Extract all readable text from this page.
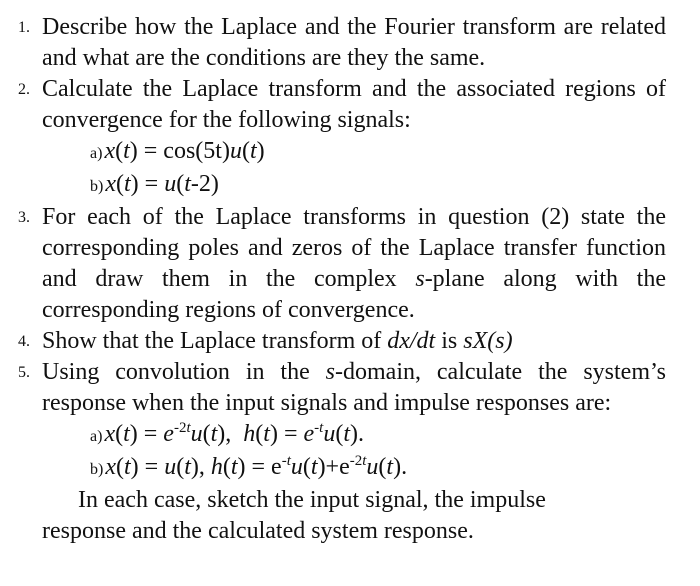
1. Describe how the Laplace and the Fourier transform are related and what are the conditions are they the same.

2. Calculate the Laplace transform and the associated regions of convergence for the following signals:

a)x(t) = cos(5t)u(t)
b)x(t) = u(t-2)

3. For each of the Laplace transforms in question (2) state the corresponding poles and zeros of the Laplace transfer function and draw them in the complex s-plane along with the corresponding regions of convergence.

4. Show that the Laplace transform of dx/dt is sX(s)

5. Using convolution in the s-domain, calculate the system’s response when the input signals and impulse responses are:

$a)x(t) = e^{-2t}u(t)$,  $h(t) = e^{-t}u(t)$.
b)x(t) = u(t), $h(t) = e^{-t}u(t)+e^{-2t}u(t)$.

In each case, sketch the input signal, the impulse

response and the calculated system response.
